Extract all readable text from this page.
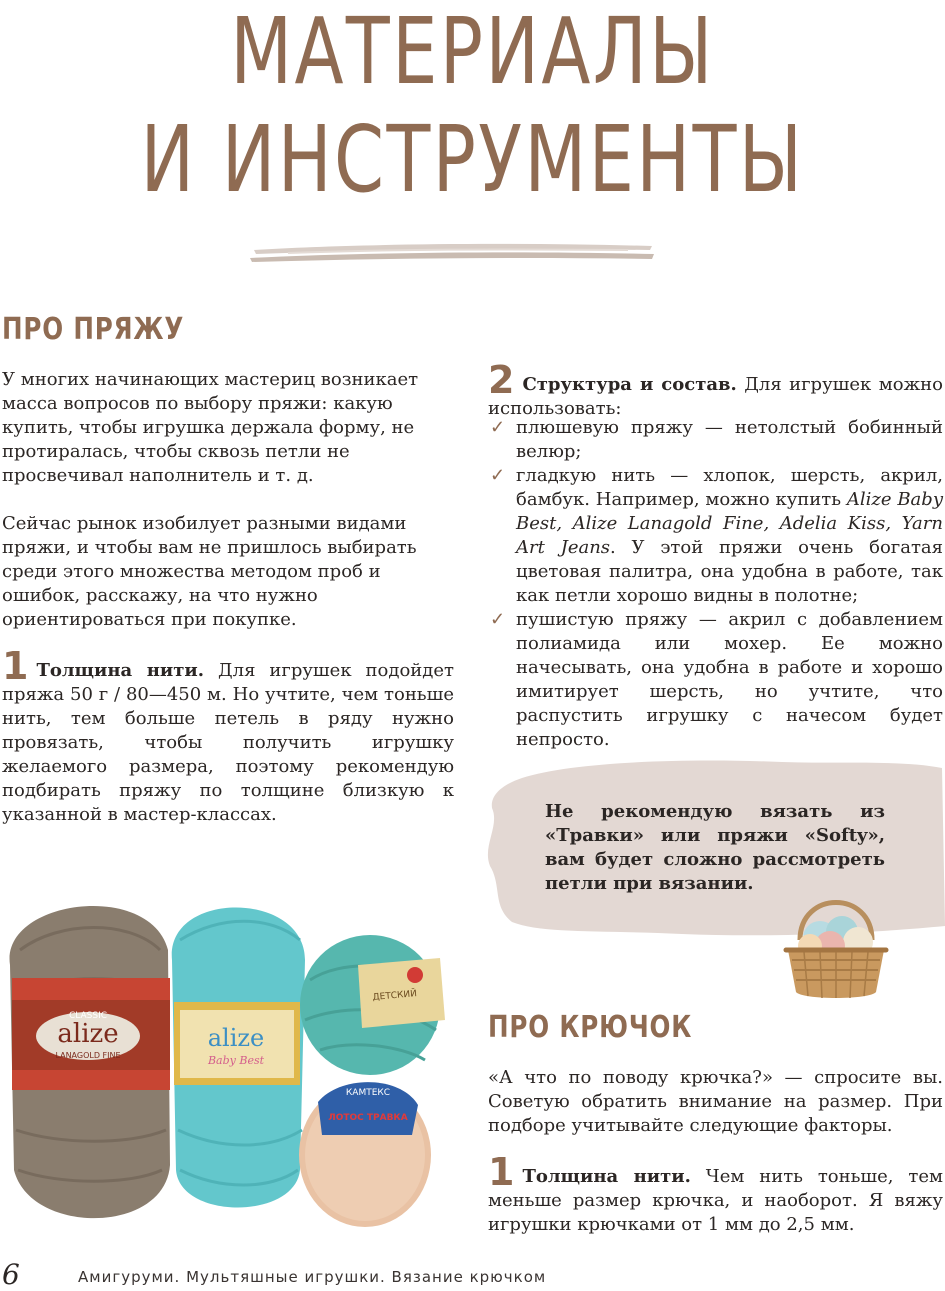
МАТЕРИАЛЫ
И ИНСТРУМЕНТЫ
ПРО ПРЯЖУ

У многих начинающих мастериц возникает масса вопросов по выбору пряжи: какую купить, чтобы игрушка держала форму, не протиралась, чтобы сквозь петли не просвечивал наполнитель и т. д.

Сейчас рынок изобилует разными видами пряжи, и чтобы вам не пришлось выбирать среди этого множества методом проб и ошибок, расскажу, на что нужно ориентироваться при покупке.

1 Толщина нити. Для игрушек подойдет пряжа 50 г / 80—450 м. Но учтите, чем тоньше нить, тем больше петель в ряду нужно провязать, чтобы получить игрушку желаемого размера, поэтому рекомендую подбирать пряжу по толщине близкую к указанной в мастер-классах.

2 Структура и состав. Для игрушек можно использовать:

✓ плюшевую пряжу — нетолстый бобинный велюр;
✓ гладкую нить — хлопок, шерсть, акрил, бамбук. Например, можно купить Alize Baby Best, Alize Lanagold Fine, Adelia Kiss, Yarn Art Jeans. У этой пряжи очень богатая цветовая палитра, она удобна в работе, так как петли хорошо видны в полотне;
✓ пушистую пряжу — акрил с добавлением полиамида или мохер. Ее можно начесывать, она удобна в работе и хорошо имитирует шерсть, но учтите, что распустить игрушку с начесом будет непросто.

Не рекомендую вязать из «Травки» или пряжи «Softy», вам будет сложно рассмотреть петли при вязании.

CLASSIC
alize
LANAGOLD FINE
alize
Baby Best
ДЕТСКИЙ
КАМТЕКС
ЛОТОС ТРАВКА
ПРО КРЮЧОК

«А что по поводу крючка?» — спросите вы. Советую обратить внимание на размер. При подборе учитывайте следующие факторы.

1 Толщина нити. Чем нить тоньше, тем меньше размер крючка, и наоборот. Я вяжу игрушки крючками от 1 мм до 2,5 мм.

6	Амигуруми. Мультяшные игрушки. Вязание крючком
